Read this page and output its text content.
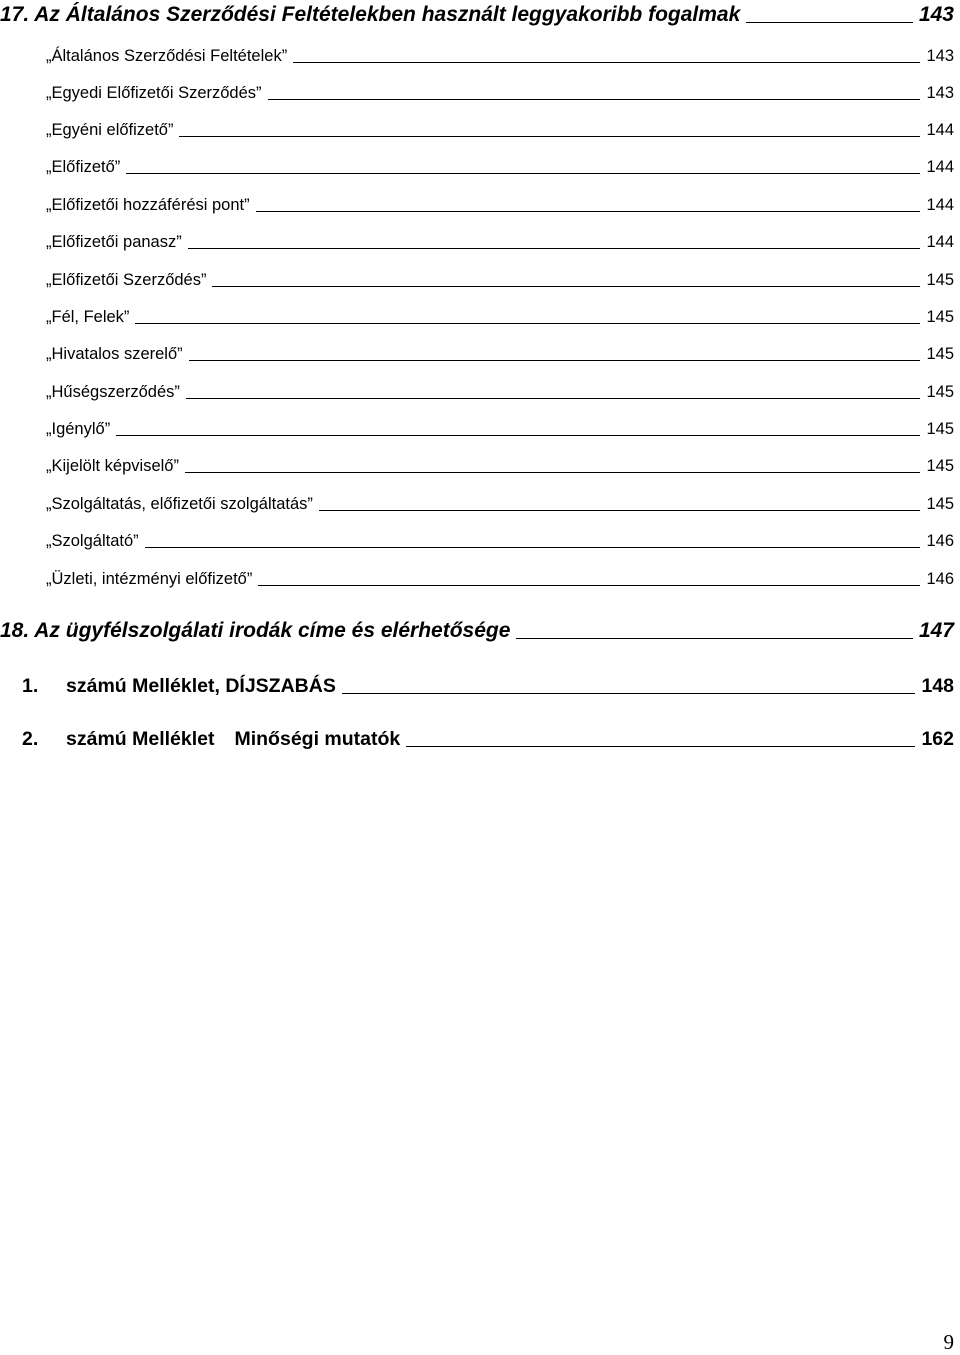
17. Az Általános Szerződési Feltételekben használt leggyakoribb fogalmak	143
„Általános Szerződési Feltételek”	143
„Egyedi Előfizetői Szerződés”	143
„Egyéni előfizető”	144
„Előfizető”	144
„Előfizetői hozzáférési pont”	144
„Előfizetői panasz”	144
„Előfizetői Szerződés”	145
„Fél, Felek”	145
„Hivatalos szerelő”	145
„Hűségszerződés”	145
„Igénylő”	145
„Kijelölt képviselő”	145
„Szolgáltatás, előfizetői szolgáltatás”	145
„Szolgáltató”	146
„Üzleti, intézményi előfizető”	146
18. Az ügyfélszolgálati irodák címe és elérhetősége	147
1.	számú Melléklet, DÍJSZABÁS	148
2.	számú Melléklet Minőségi mutatók	162
9
